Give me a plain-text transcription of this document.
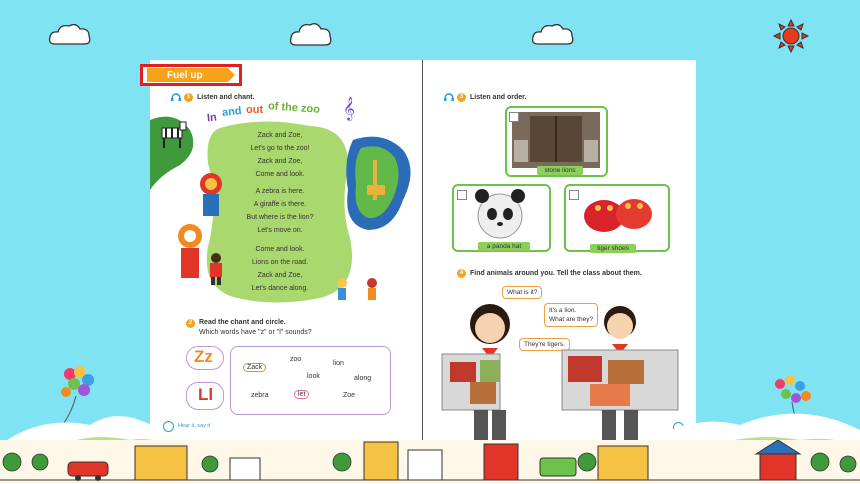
Fuel up
1 Listen and chant.
In and out of the zoo 𝄞
Zack and Zoe,
Let's go to the zoo!
Zack and Zoe,
Come and look.
A zebra is here.
A giraffe is there.
But where is the lion?
Let's move on.
Come and look.
Lions on the road.
Zack and Zoe,
Let's dance along.
2 Read the chant and circle.
Which words have "z" or "l" sounds?
Zz
Ll
Zack
zoo
lion
look	along
zebra	let	Zoe
Hear it, say it
3 Listen and order.
stone lions
a panda hat	tiger shoes
4 Find animals around you. Tell the class about them.
What is it?
It's a lion.
What are they?
They're tigers.
